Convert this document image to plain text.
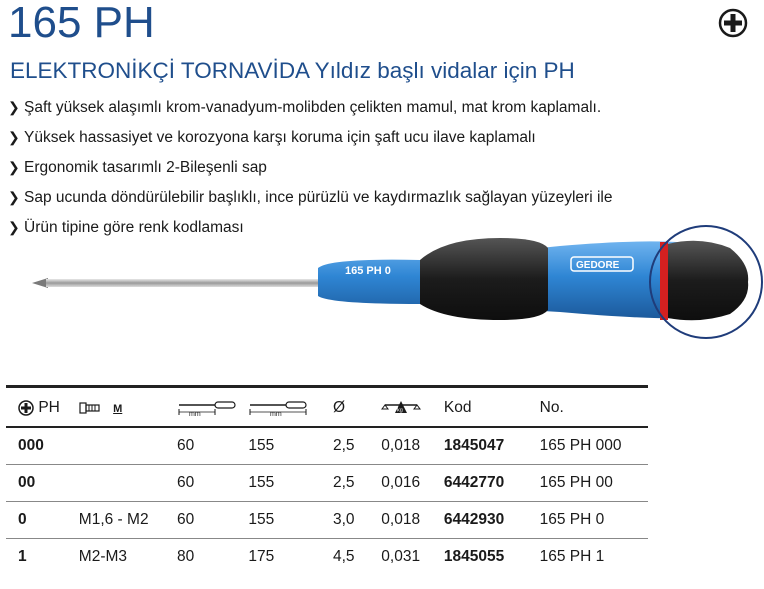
165 PH
ELEKTRONİKÇİ TORNAVİDA Yıldız başlı vidalar için PH
❯ Şaft yüksek alaşımlı krom-vanadyum-molibden çelikten mamul, mat krom kaplamalı.
❯ Yüksek hassasiyet ve korozyona karşı koruma için şaft ucu ilave kaplamalı
❯ Ergonomik tasarımlı 2-Bileşenli sap
❯ Sap ucunda döndürülebilir başlıklı, ince pürüzlü ve kaydırmazlık sağlayan yüzeyleri ile
❯ Ürün tipine göre renk kodlaması
165 PH 0	GEDORE
PH	M	mm	mm	Ø	kg	Kod	No.
000		60	155	2,5	0,018	1845047	165 PH 000
00		60	155	2,5	0,016	6442770	165 PH 00
0	M1,6 - M2	60	155	3,0	0,018	6442930	165 PH 0
1	M2-M3	80	175	4,5	0,031	1845055	165 PH 1
